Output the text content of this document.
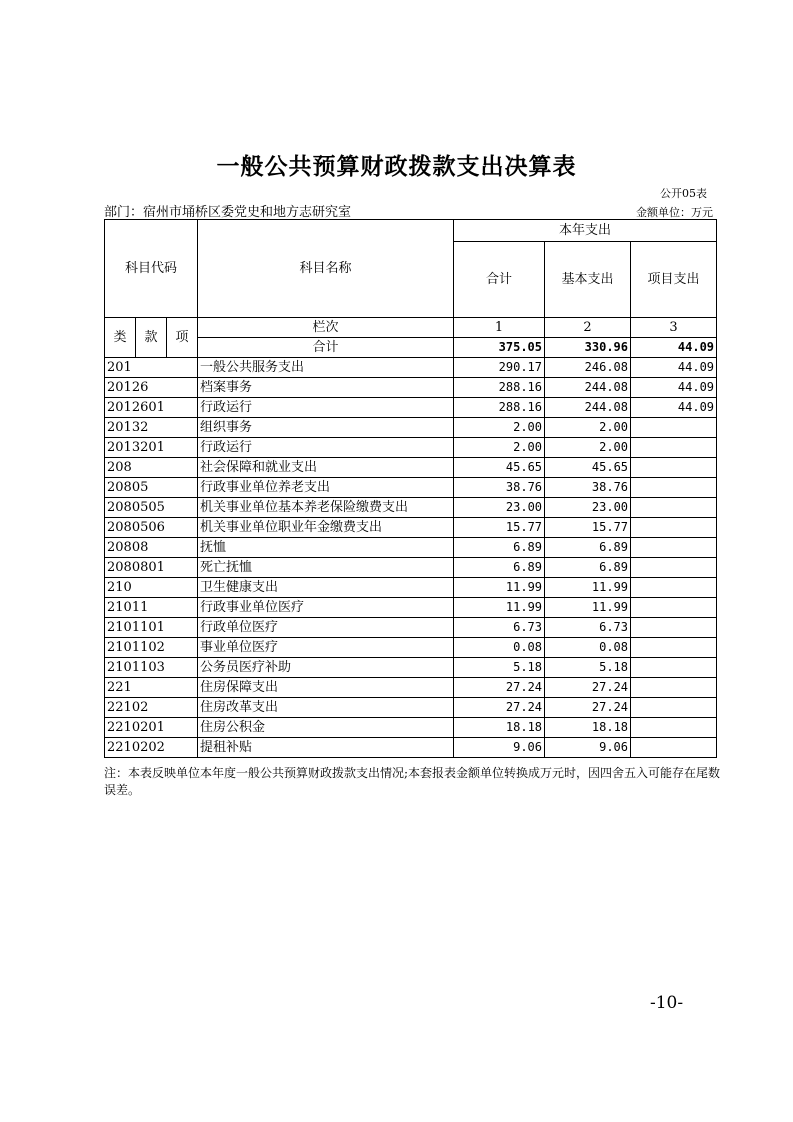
一般公共预算财政拨款支出决算表
公开05表
部门：宿州市埇桥区委党史和地方志研究室	金额单位：万元
科目代码			科目名称	本年支出		
				合计	基本支出	项目支出
类	款	项	栏次	1	2	3
			合计	375.05	330.96	44.09
201			一般公共服务支出	290.17	246.08	44.09
20126			档案事务	288.16	244.08	44.09
2012601			行政运行	288.16	244.08	44.09
20132			组织事务	2.00	2.00	
2013201			行政运行	2.00	2.00	
208			社会保障和就业支出	45.65	45.65	
20805			行政事业单位养老支出	38.76	38.76	
2080505			机关事业单位基本养老保险缴费支出	23.00	23.00	
2080506			机关事业单位职业年金缴费支出	15.77	15.77	
20808			抚恤	6.89	6.89	
2080801			死亡抚恤	6.89	6.89	
210			卫生健康支出	11.99	11.99	
21011			行政事业单位医疗	11.99	11.99	
2101101			行政单位医疗	6.73	6.73	
2101102			事业单位医疗	0.08	0.08	
2101103			公务员医疗补助	5.18	5.18	
221			住房保障支出	27.24	27.24	
22102			住房改革支出	27.24	27.24	
2210201			住房公积金	18.18	18.18	
2210202			提租补贴	9.06	9.06	
注：本表反映单位本年度一般公共预算财政拨款支出情况;本套报表金额单位转换成万元时，因四舍五入可能存在尾数误差。
-10-
